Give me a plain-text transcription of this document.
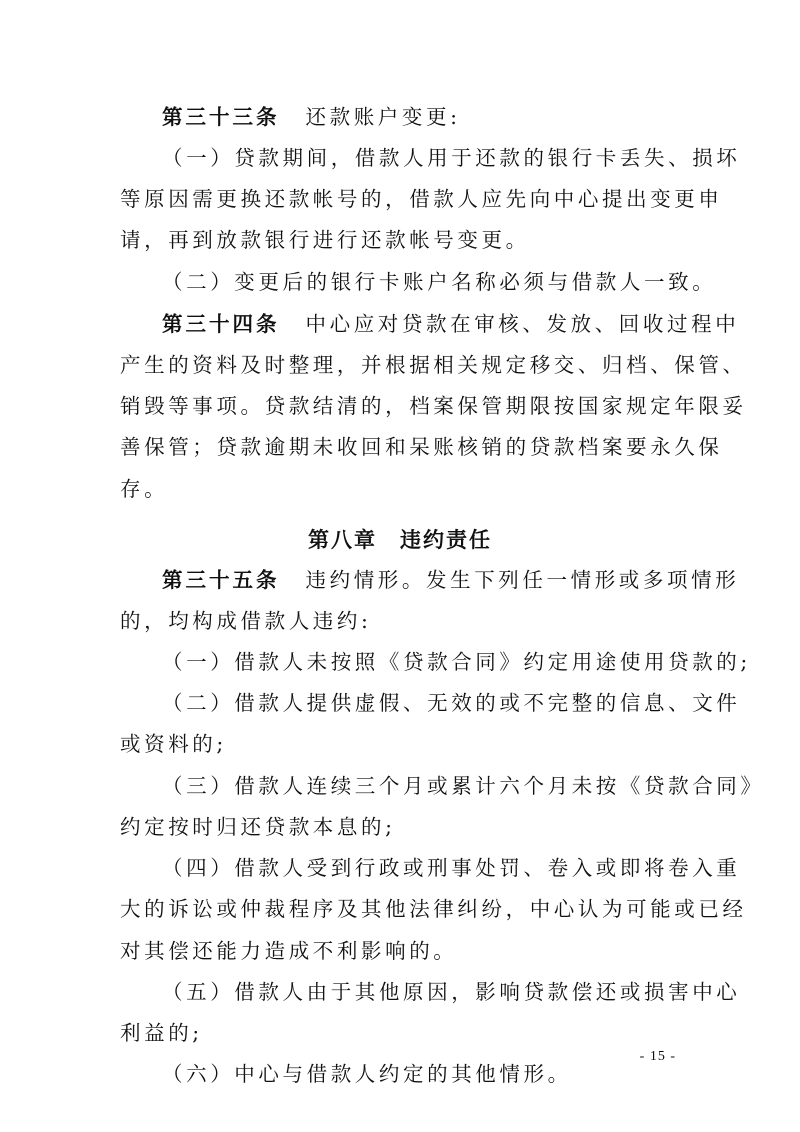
第三十三条 还款账户变更:
（一）贷款期间，借款人用于还款的银行卡丢失、损坏
等原因需更换还款帐号的，借款人应先向中心提出变更申
请，再到放款银行进行还款帐号变更。
（二）变更后的银行卡账户名称必须与借款人一致。
第三十四条 中心应对贷款在审核、发放、回收过程中
产生的资料及时整理，并根据相关规定移交、归档、保管、
销毁等事项。贷款结清的，档案保管期限按国家规定年限妥
善保管；贷款逾期未收回和呆账核销的贷款档案要永久保
存。
第八章　违约责任
第三十五条 违约情形。发生下列任一情形或多项情形
的，均构成借款人违约:
（一）借款人未按照《贷款合同》约定用途使用贷款的;
（二）借款人提供虚假、无效的或不完整的信息、文件
或资料的;
（三）借款人连续三个月或累计六个月未按《贷款合同》
约定按时归还贷款本息的;
（四）借款人受到行政或刑事处罚、卷入或即将卷入重
大的诉讼或仲裁程序及其他法律纠纷，中心认为可能或已经
对其偿还能力造成不利影响的。
（五）借款人由于其他原因，影响贷款偿还或损害中心
利益的;
（六）中心与借款人约定的其他情形。
- 15 -
